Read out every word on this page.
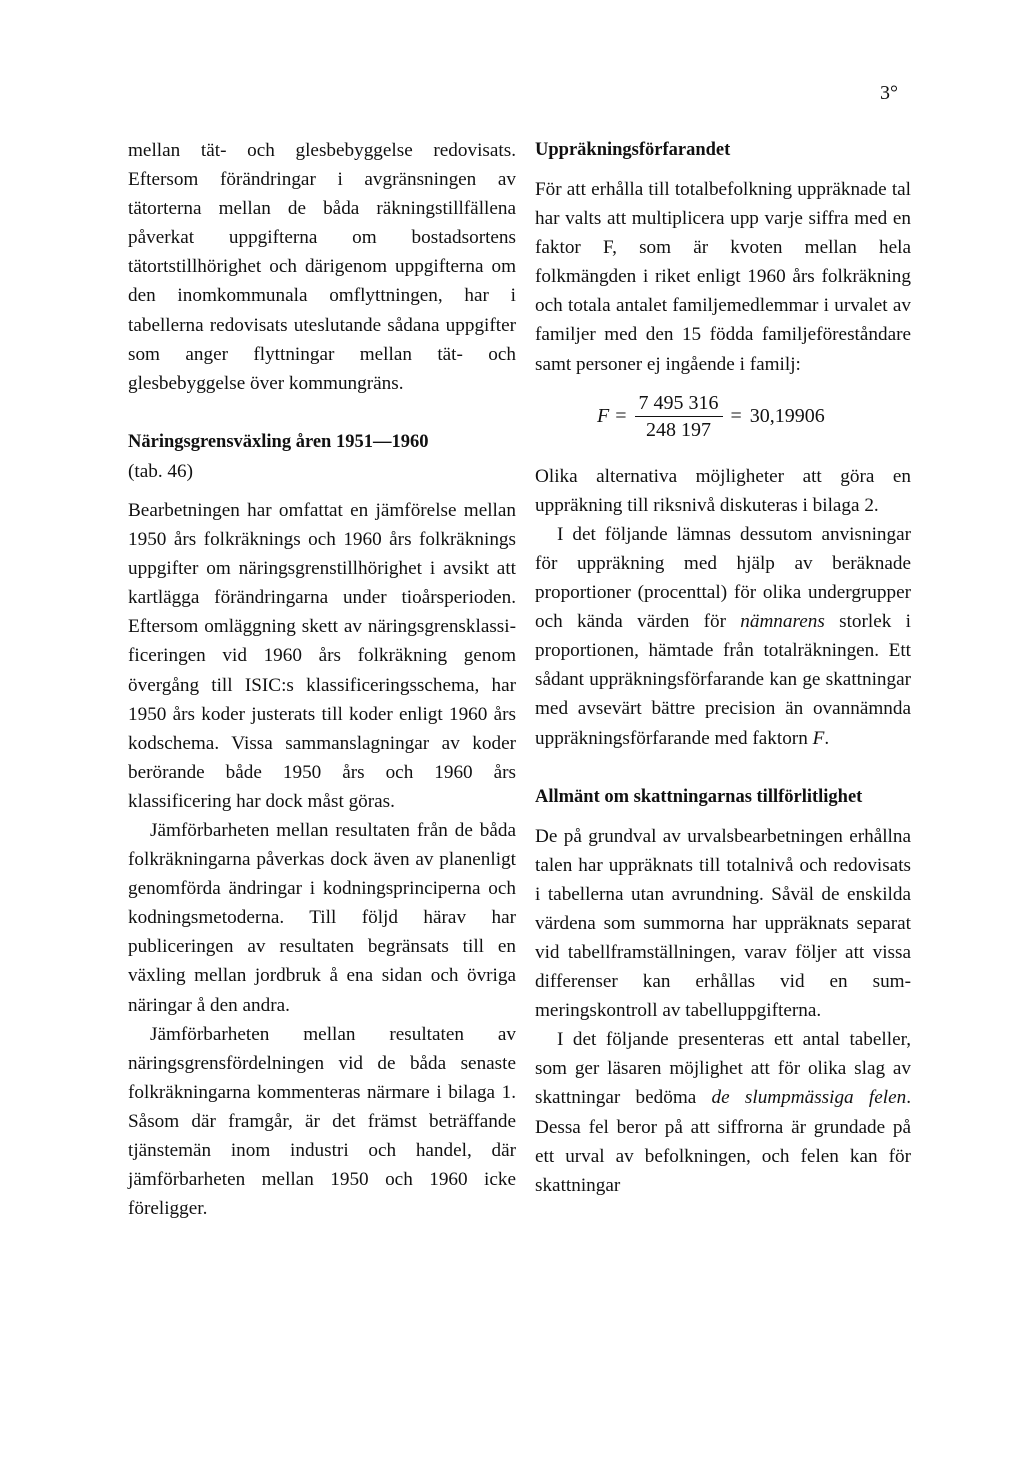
3°

mellan tät- och glesbebyggelse redovisats. Eftersom förändringar i avgränsningen av tätorterna mellan de båda räkningstillfällena påverkat uppgifterna om bostadsortens tätortstillhörighet och därigenom uppgifterna om den inomkommunala omflyttningen, har i tabellerna redovisats uteslutande sådana uppgifter som anger flyttningar mellan tät- och glesbebyggelse över kommungräns.

Näringsgrensväxling åren 1951—1960

(tab. 46)

Bearbetningen har omfattat en jämförelse mellan 1950 års folkräknings och 1960 års folkräknings uppgifter om näringsgrenstillhörighet i avsikt att kartlägga förändringarna under tioårsperioden. Eftersom omläggning skett av näringsgrensklassificeringen vid 1960 års folkräkning genom övergång till ISIC:s klassificeringsschema, har 1950 års koder justerats till koder enligt 1960 års kodschema. Vissa sammanslagningar av koder berörande både 1950 års och 1960 års klassificering har dock måst göras.

Jämförbarheten mellan resultaten från de båda folkräkningarna påverkas dock även av planenligt genomförda ändringar i kodningsprinciperna och kodningsmetoderna. Till följd härav har publiceringen av resultaten begränsats till en växling mellan jordbruk å ena sidan och övriga näringar å den andra.

Jämförbarheten mellan resultaten av näringsgrensfördelningen vid de båda senaste folkräkningarna kommenteras närmare i bilaga 1. Såsom där framgår, är det främst beträffande tjänstemän inom industri och handel, där jämförbarheten mellan 1950 och 1960 icke föreligger.

Uppräkningsförfarandet

För att erhålla till totalbefolkning uppräknade tal har valts att multiplicera upp varje siffra med en faktor F, som är kvoten mellan hela folkmängden i riket enligt 1960 års folkräkning och totala antalet familjemedlemmar i urvalet av familjer med den 15 födda familjeföreståndare samt personer ej ingående i familj:

$F = \frac{7 495 316}{248 197} = 30,19906$

Olika alternativa möjligheter att göra en uppräkning till riksnivå diskuteras i bilaga 2.

I det följande lämnas dessutom anvisningar för uppräkning med hjälp av beräknade proportioner (procenttal) för olika undergrupper och kända värden för nämnarens storlek i proportionen, hämtade från totalräkningen. Ett sådant uppräkningsförfarande kan ge skattningar med avsevärt bättre precision än ovannämnda uppräkningsförfarande med faktorn F.

Allmänt om skattningarnas tillförlitlighet

De på grundval av urvalsbearbetningen erhållna talen har uppräknats till totalnivå och redovisats i tabellerna utan avrundning. Såväl de enskilda värdena som summorna har uppräknats separat vid tabellframställningen, varav följer att vissa differenser kan erhållas vid en summeringskontroll av tabelluppgifterna.

I det följande presenteras ett antal tabeller, som ger läsaren möjlighet att för olika slag av skattningar bedöma de slumpmässiga felen. Dessa fel beror på att siffrorna är grundade på ett urval av befolkningen, och felen kan för skattningar
